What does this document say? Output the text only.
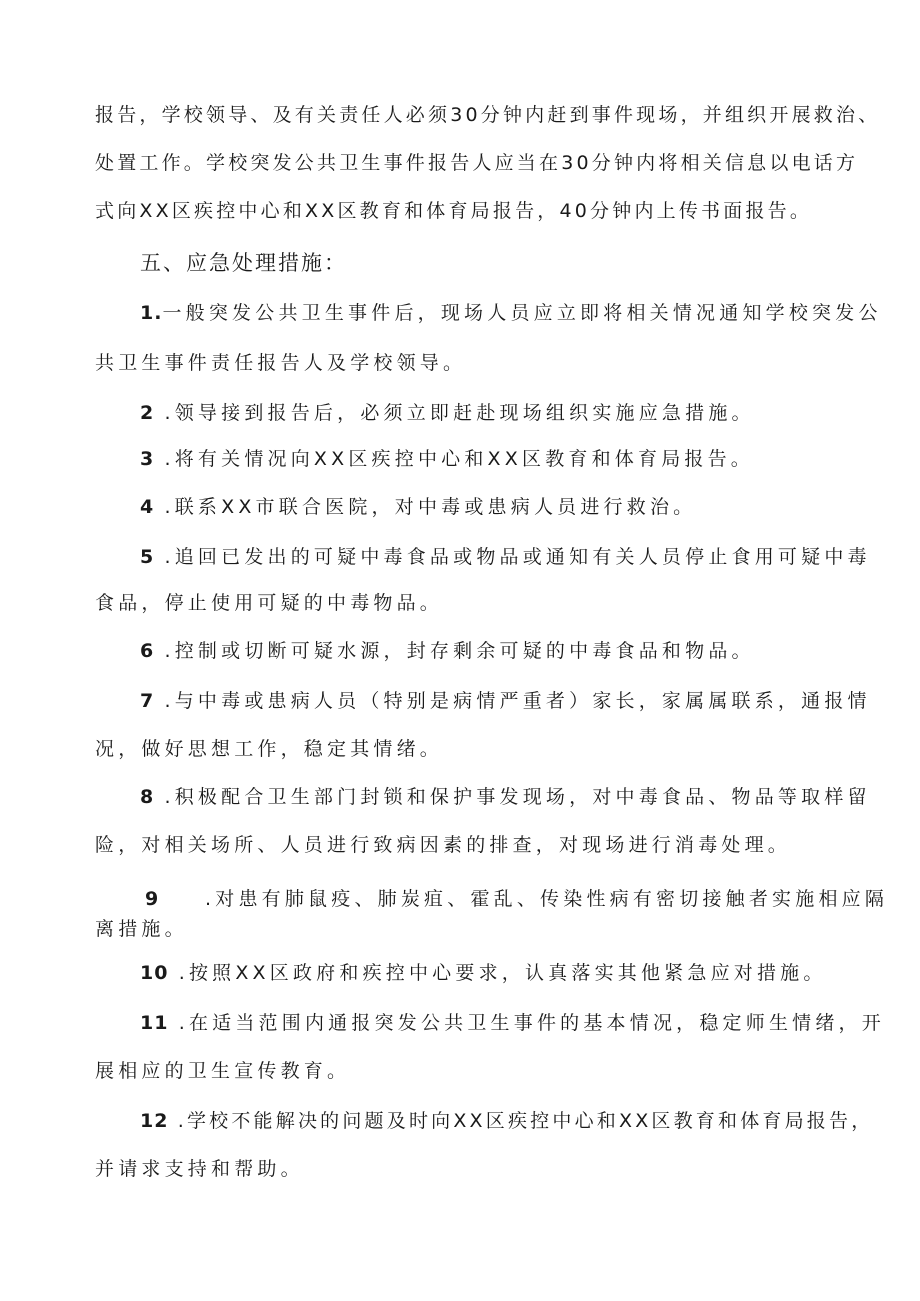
报告，学校领导、及有关责任人必须30分钟内赶到事件现场，并组织开展救治、
处置工作。学校突发公共卫生事件报告人应当在30分钟内将相关信息以电话方
式向XX区疾控中心和XX区教育和体育局报告，40分钟内上传书面报告。
五、应急处理措施：
1.一般突发公共卫生事件后，现场人员应立即将相关情况通知学校突发公
共卫生事件责任报告人及学校领导。
2 .领导接到报告后，必须立即赶赴现场组织实施应急措施。
3 .将有关情况向XX区疾控中心和XX区教育和体育局报告。
4 .联系XX市联合医院，对中毒或患病人员进行救治。
5 .追回已发出的可疑中毒食品或物品或通知有关人员停止食用可疑中毒
食品，停止使用可疑的中毒物品。
6 .控制或切断可疑水源，封存剩余可疑的中毒食品和物品。
7 .与中毒或患病人员（特别是病情严重者）家长，家属属联系，通报情
况，做好思想工作，稳定其情绪。
8 .积极配合卫生部门封锁和保护事发现场，对中毒食品、物品等取样留
险，对相关场所、人员进行致病因素的排查，对现场进行消毒处理。
9 .对患有肺鼠疫、肺炭疽、霍乱、传染性病有密切接触者实施相应隔
离措施。
10 .按照XX区政府和疾控中心要求，认真落实其他紧急应对措施。
11 .在适当范围内通报突发公共卫生事件的基本情况，稳定师生情绪，开
展相应的卫生宣传教育。
12 .学校不能解决的问题及时向XX区疾控中心和XX区教育和体育局报告，
并请求支持和帮助。
